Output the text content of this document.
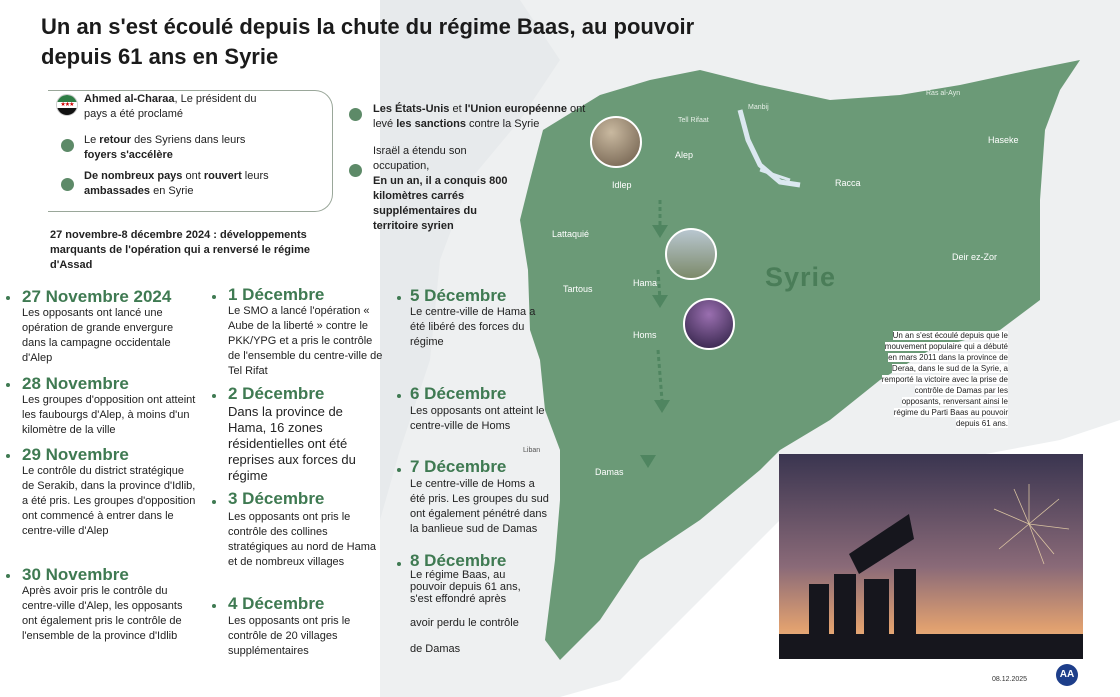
Un an s'est écoulé depuis la chute du régime Baas, au pouvoir depuis 61 ans en Syrie
★★★ Ahmed al-Charaa, Le président du pays a été proclamé
Le retour des Syriens dans leurs foyers s'accélère
De nombreux pays ont rouvert leurs ambassades en Syrie
Les États-Unis et l'Union européenne ont levé les sanctions contre la Syrie
Israël a étendu son occupation,
En un an, il a conquis 800 kilomètres carrés supplémentaires du territoire syrien
27 novembre-8 décembre 2024 : développements marquants de l'opération qui a renversé le régime d'Assad
27 Novembre 2024
Les opposants ont lancé une opération de grande envergure dans la campagne occidentale d'Alep
28 Novembre
Les groupes d'opposition ont atteint les faubourgs d'Alep, à moins d'un kilomètre de la ville
29 Novembre
Le contrôle du district stratégique de Serakib, dans la province d'Idlib, a été pris. Les groupes d'opposition ont commencé à entrer dans le centre-ville d'Alep
30 Novembre
Après avoir pris le contrôle du centre-ville d'Alep, les opposants ont également pris le contrôle de l'ensemble de la province d'Idlib
1 Décembre
Le SMO a lancé l'opération « Aube de la liberté » contre le PKK/YPG et a pris le contrôle de l'ensemble du centre-ville de Tel Rifat
2 Décembre
Dans la province de Hama, 16 zones résidentielles ont été reprises aux forces du régime
3 Décembre
Les opposants ont pris le contrôle des collines stratégiques au nord de Hama et de nombreux villages
4 Décembre
Les opposants ont pris le contrôle de 20 villages supplémentaires
5 Décembre
Le centre-ville de Hama a été libéré des forces du régime
6 Décembre
Les opposants ont atteint le centre-ville de Homs
7 Décembre
Le centre-ville de Homs a été pris. Les groupes du sud ont également pénétré dans la banlieue sud de Damas
8 Décembre
Le régime Baas, au pouvoir depuis 61 ans, s'est effondré après
avoir perdu le contrôle
de Damas
Syrie
Liban
Alep
Idlep
Lattaquié
Tartous
Hama
Homs
Damas
Racca
Deir ez-Zor
Haseke
Tell Rifaat
Manbij
Ras al-Ayn
Un an s'est écoulé depuis que le mouvement populaire qui a débuté en mars 2011 dans la province de Deraa, dans le sud de la Syrie, a remporté la victoire avec la prise de contrôle de Damas par les opposants, renversant ainsi le régime du Parti Baas au pouvoir depuis 61 ans.
08.12.2025	AA
